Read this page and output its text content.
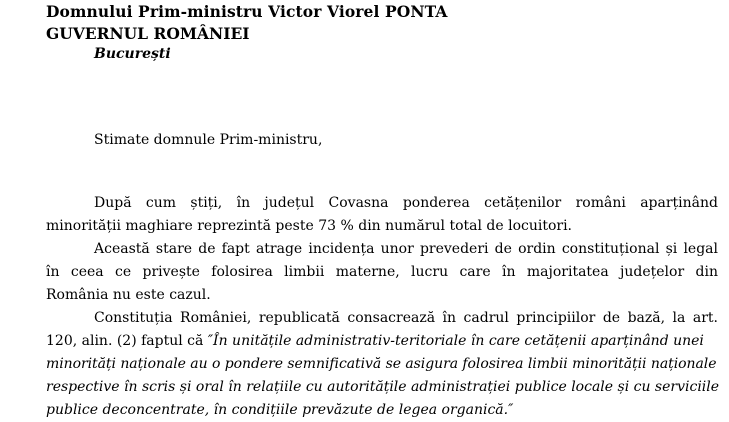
Domnului Prim-ministru Victor Viorel PONTA
GUVERNUL ROMÂNIEI
București
Stimate domnule Prim-ministru,
După cum știți, în județul Covasna ponderea cetățenilor români aparținând
minorității maghiare reprezintă peste 73 % din numărul total de locuitori.
Această stare de fapt atrage incidența unor prevederi de ordin constituțional și legal
în ceea ce privește folosirea limbii materne, lucru care în majoritatea județelor din
România nu este cazul.
Constituția României, republicată consacrează în cadrul principiilor de bază, la art.
120, alin. (2) faptul că ″În unitățile administrativ-teritoriale în care cetățenii aparținând unei
minorități naționale au o pondere semnificativă se asigura folosirea limbii minorității naționale
respective în scris și oral în relațiile cu autoritățile administrației publice locale și cu serviciile
publice deconcentrate, în condițiile prevăzute de legea organică.″
